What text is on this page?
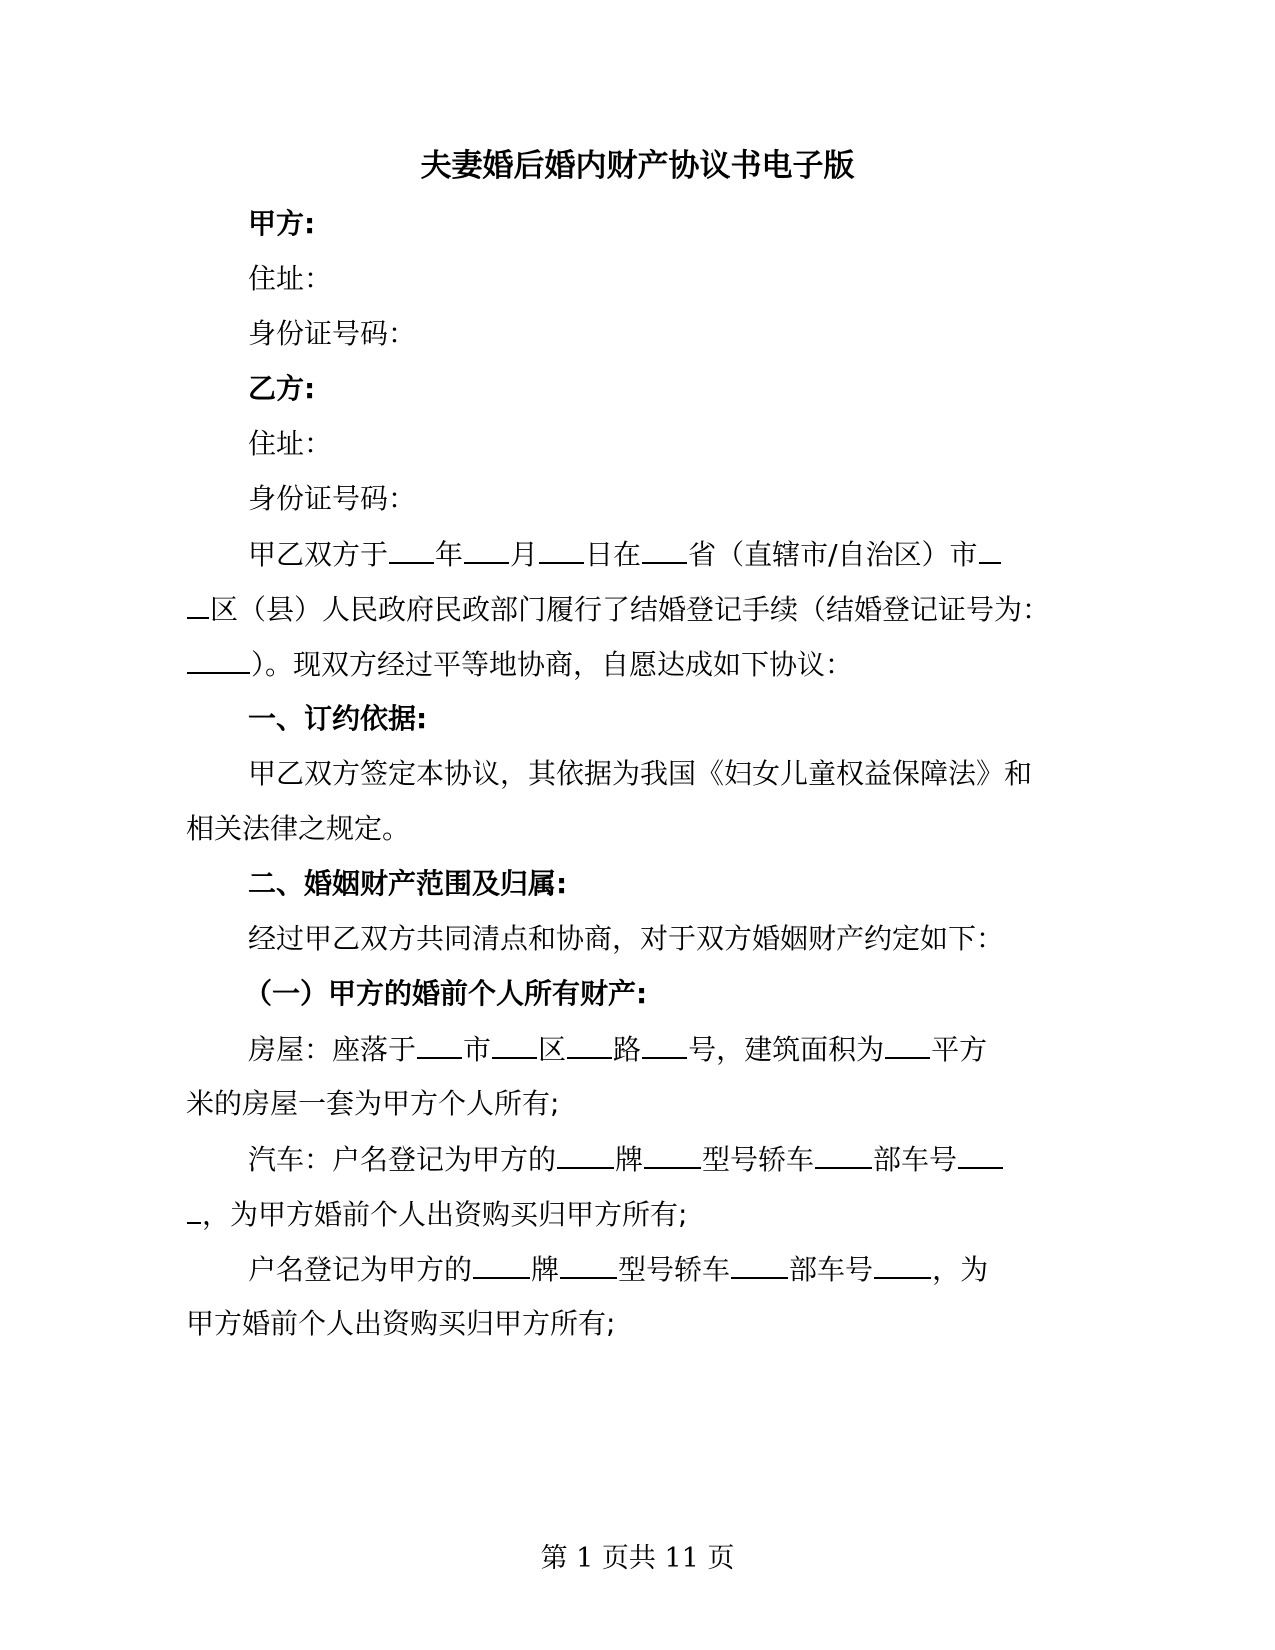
夫妻婚后婚内财产协议书电子版
甲方:
住址：
身份证号码：
乙方:
住址：
身份证号码：
甲乙双方于 年 月 日在 省（直辖市/自治区）市
区（县）人民政府民政部门履行了结婚登记手续（结婚登记证号为：
）。现双方经过平等地协商，自愿达成如下协议：
一、订约依据:
甲乙双方签定本协议，其依据为我国《妇女儿童权益保障法》和
相关法律之规定。
二、婚姻财产范围及归属:
经过甲乙双方共同清点和协商，对于双方婚姻财产约定如下：
（一）甲方的婚前个人所有财产:
房屋：座落于 市 区 路 号，建筑面积为 平方
米的房屋一套为甲方个人所有;
汽车：户名登记为甲方的 牌 型号轿车 部车号
，为甲方婚前个人出资购买归甲方所有;
户名登记为甲方的 牌 型号轿车 部车号 ，为
甲方婚前个人出资购买归甲方所有;
第 1 页共 11 页
